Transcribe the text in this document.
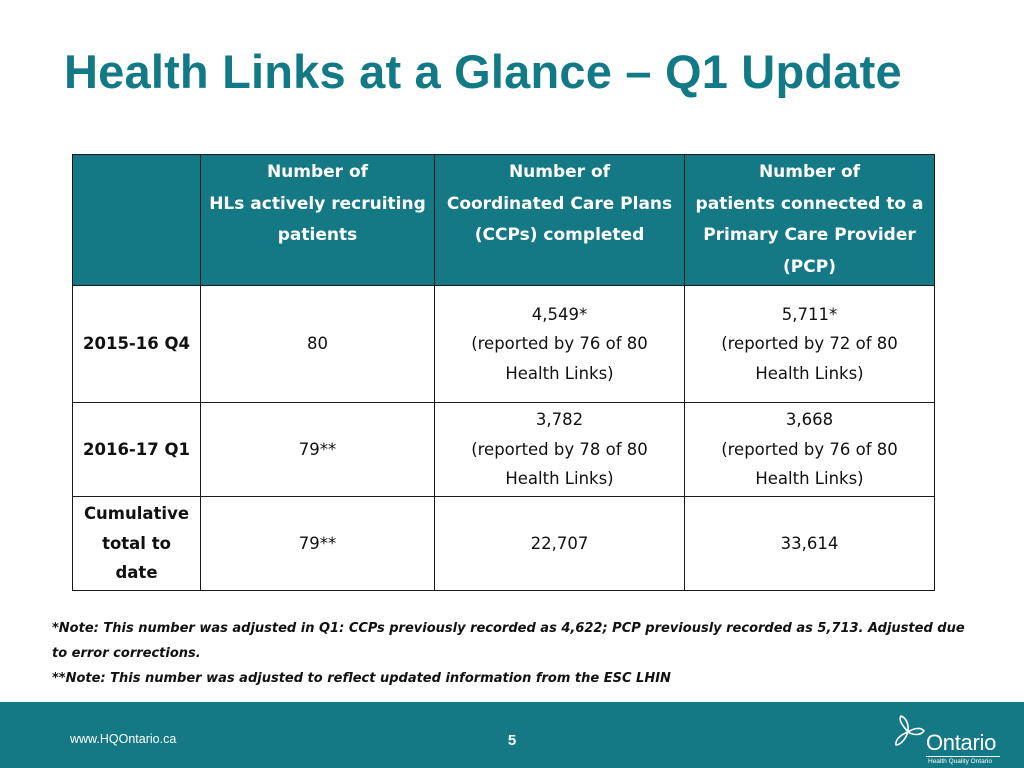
Health Links at a Glance – Q1 Update

	Number of
HLs actively recruiting
patients	Number of
Coordinated Care Plans
(CCPs) completed	Number of
patients connected to a
Primary Care Provider
(PCP)

2015-16 Q4	80	4,549*
(reported by 76 of 80
Health Links)	5,711*
(reported by 72 of 80
Health Links)

2016-17 Q1	79**	3,782
(reported by 78 of 80
Health Links)	3,668
(reported by 76 of 80
Health Links)

Cumulative
total to date	79**	22,707	33,614

*Note: This number was adjusted in Q1: CCPs previously recorded as 4,622; PCP previously recorded as 5,713. Adjusted due to error corrections.

**Note: This number was adjusted to reflect updated information from the ESC LHIN

www.HQOntario.ca	5	Ontario
Health Quality Ontario
